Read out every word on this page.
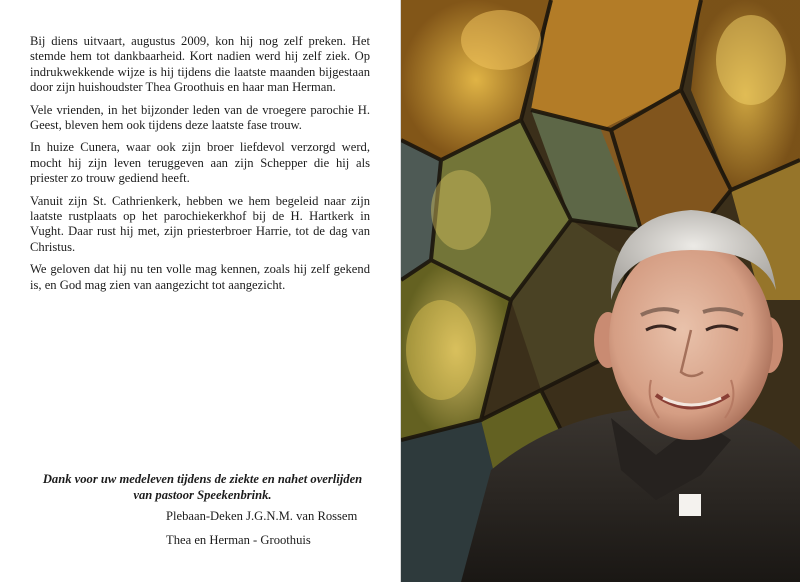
Bij diens uitvaart, augustus 2009, kon hij nog zelf preken. Het stemde hem tot dankbaarheid. Kort nadien werd hij zelf ziek. Op indrukwekkende wijze is hij tijdens die laatste maanden bijgestaan door zijn huishoudster Thea Groothuis en haar man Herman.

Vele vrienden, in het bijzonder leden van de vroegere parochie H. Geest, bleven hem ook tijdens deze laatste fase trouw.

In huize Cunera, waar ook zijn broer liefdevol verzorgd werd, mocht hij zijn leven teruggeven aan zijn Schepper die hij als priester zo trouw gediend heeft.

Vanuit zijn St. Cathrienkerk, hebben we hem begeleid naar zijn laatste rustplaats op het parochiekerkhof bij de H. Hartkerk in Vught. Daar rust hij met, zijn priesterbroer Harrie, tot de dag van Christus.

We geloven dat hij nu ten volle mag kennen, zoals hij zelf gekend is, en God mag zien van aangezicht tot aangezicht.

Dank voor uw medeleven tijdens de ziekte en nahet overlijden
van pastoor Speekenbrink.
Plebaan-Deken J.G.N.M. van Rossem
Thea en Herman - Groothuis
